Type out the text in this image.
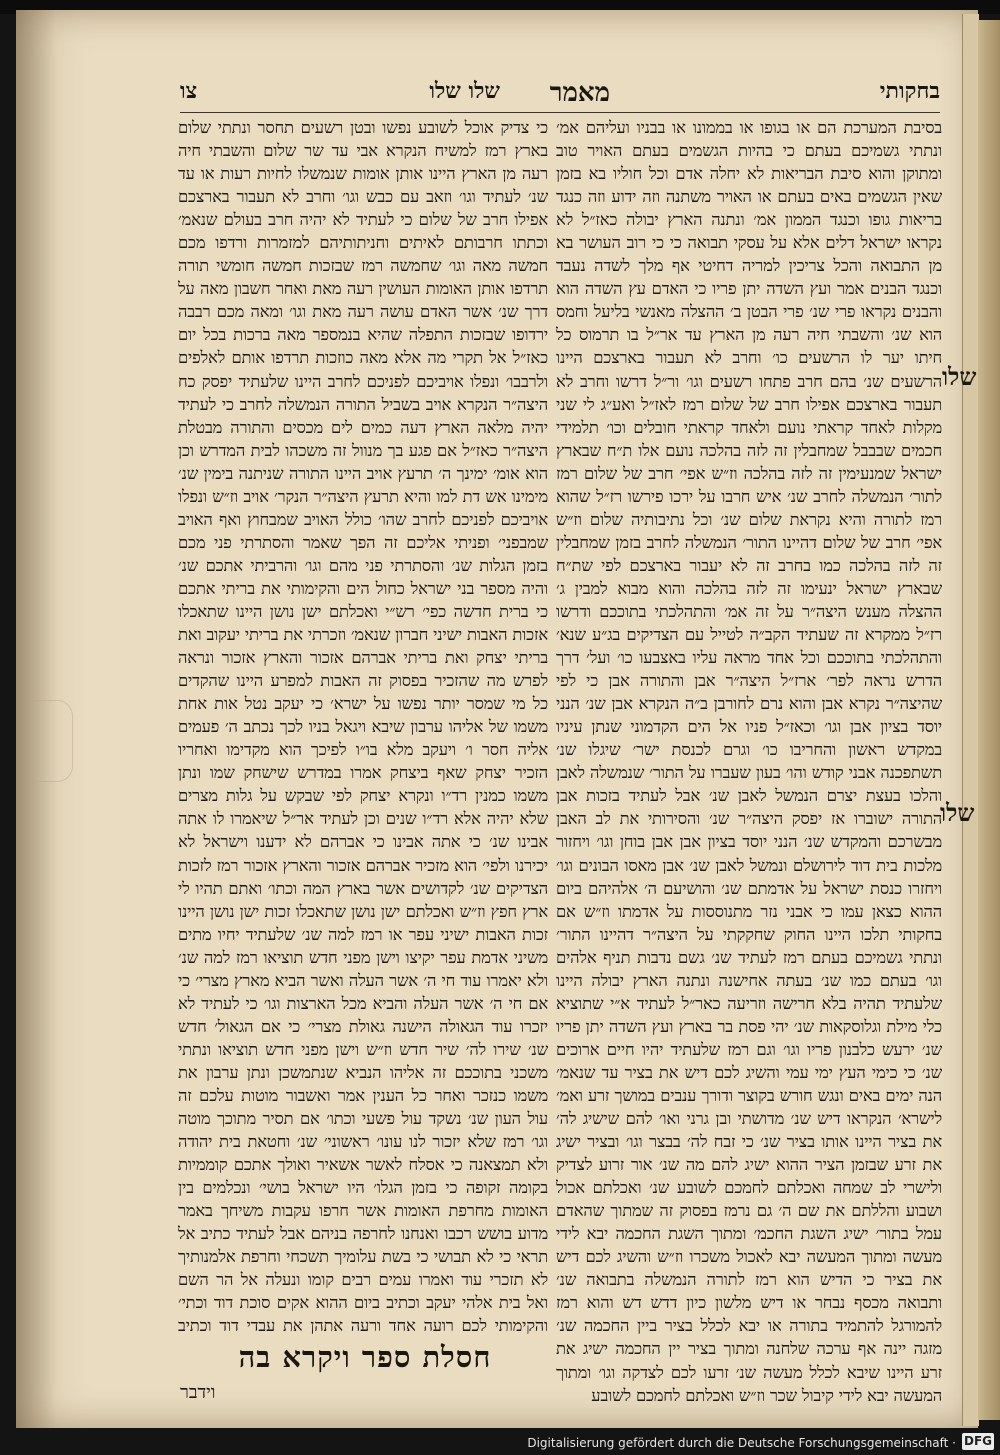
בחקותי
מאמר
שלו שלו
צו

בסיבת המערכת הם או בגופו או בממונו או בבניו ועליהם אמ׳ ונתתי גשמיכם בעתם כי בהיות הגשמים בעתם האויר טוב ומתוקן והוא סיבת הבריאות לא יחלה אדם וכל חוליו בא בזמן שאין הגשמים באים בעתם או האויר משתנה וזה ידוע וזה כנגד בריאות גופו וכנגד הממון אמ׳ ונתנה הארץ יבולה כאז״ל לא נקראו ישראל דלים אלא על עסקי תבואה כי כי רוב העושר בא מן התבואה והכל צריכין למריה דחיטי אף מלך לשדה נעבד וכנגד הבנים אמר ועץ השדה יתן פריו כי האדם עץ השדה הוא והבנים נקראו פרי שנ׳ פרי הבטן ב׳ ההצלה מאנשי בליעל וחמס הוא שנ׳ והשבתי חיה רעה מן הארץ עד אר״ל בו תרמוס כל חיתו יער לו הרשעים כו׳ וחרב לא תעבור בארצכם היינו הרשעים שנ׳ בהם חרב פתחו רשעים וגו׳ ור״ל דרשו וחרב לא תעבור בארצכם אפילו חרב של שלום רמז לאז״ל ואע״ג לי שני מקלות לאחד קראתי נועם ולאחד קראתי חובלים וכו׳ תלמידי חכמים שבבבל שמחבלין זה לזה בהלכה נועם אלו ת״ח שבארץ ישראל שמנעימין זה לזה בהלכה וז״ש אפי׳ חרב של שלום רמז לתור׳ הנמשלה לחרב שנ׳ איש חרבו על ירכו פירשו רז״ל שהוא רמז לתורה והיא נקראת שלום שנ׳ וכל נתיבותיה שלום וז״ש אפי׳ חרב של שלום דהיינו התור׳ הנמשלה לחרב בזמן שמחבלין זה לזה בהלכה כמו בחרב זה לא יעבור בארצכם לפי שת״ח שבארץ ישראל ינעימו זה לזה בהלכה והוא מבוא למבין ג׳ ההצלה מענש היצה״ר על זה אמ׳ והתהלכתי בתוככם ודרשו רז״ל ממקרא זה שעתיד הקב״ה לטייל עם הצדיקים בג״ע שנא׳ והתהלכתי בתוככם וכל אחד מראה עליו באצבעו כו׳ ועל׳ דרך הדרש נראה לפר׳ ארז״ל היצה״ר אבן והתורה אבן כי לפי שהיצה״ר נקרא אבן והוא נרם לחורבן ב״ה הנקרא אבן שנ׳ הנני יוסד בציון אבן וגו׳ וכאז״ל פניו אל הים הקדמוני שנתן עיניו במקדש ראשון והחריבו כו׳ וגרם לכנסת ישר׳ שיגלו שנ׳ תשתפכנה אבני קודש והו׳ בעון שעברו על התור׳ שנמשלה לאבן והלכו בעצת יצרם הנמשל לאבן שנ׳ אבל לעתיד בזכות אבן התורה ישוברו אז יפסק היצה״ר שנ׳ והסירותי את לב האבן מבשרכם והמקדש שנ׳ הנני יוסד בציון אבן אבן בוחן וגו׳ ויחזור מלכות בית דוד לירושלם ונמשל לאבן שנ׳ אבן מאסו הבונים וגו׳ ויחזרו כנסת ישראל על אדמתם שנ׳ והושיעם ה׳ אלהיהם ביום ההוא כצאן עמו כי אבני נזר מתנוססות על אדמתו וז״ש אם בחקותי תלכו היינו החוק שחקקתי על היצה״ר דהיינו התור׳ ונתתי גשמיכם בעתם רמז לעתיד שנ׳ גשם נדבות תניף אלהים וגו׳ בעתם כמו שנ׳ בעתה אחישנה ונתנה הארץ יבולה היינו שלעתיד תהיה בלא חרישה וזריעה כאר״ל לעתיד א״י שתוציא כלי מילת וגלוסקאות שנ׳ יהי פסת בר בארץ ועץ השדה יתן פריו שנ׳ ירעש כלבנון פריו וגו׳ וגם רמז שלעתיד יהיו חיים ארוכים שנ׳ כי כימי העץ ימי עמי והשיג לכם דיש את בציר עד שנאמ׳ הנה ימים באים ונגש חורש בקוצר ודורך ענבים במושך זרע ואמ׳ לישרא׳ הנקראו דיש שנ׳ מדושתי ובן גרני ואו׳ להם שישיג לה׳ את בציר היינו אותו בציר שנ׳ כי זבח לה׳ בבצר וגו׳ ובציר ישיג את זרע שבזמן הציר ההוא ישיג להם מה שנ׳ אור זרוע לצדיק ולישרי לב שמחה ואכלתם לחמכם לשובע שנ׳ ואכלתם אכול ושבוע והללתם את שם ה׳ גם נרמז בפסוק זה שמתוך שהאדם עמל בתור׳ ישיג השגת החכמ׳ ומתוך השגת החכמה יבא לידי מעשה ומתוך המעשה יבא לאכול משכרו וז״ש והשיג לכם דיש את בציר כי הדיש הוא רמז לתורה הנמשלה בתבואה שנ׳ ותבואה מכסף נבחר או דיש מלשון כיון דדש דש והוא רמז להמורגל להתמיד בתורה או יבא לכלל בציר ביין החכמה שנ׳ מזגה יינה אף ערכה שלחנה ומתוך בציר יין החכמה ישיג את זרע היינו שיבא לכלל מעשה שנ׳ זרעו לכם לצדקה וגו׳ ומתוך המעשה יבא לידי קיבול שכר וז״ש ואכלתם לחמכם לשובע

כי צדיק אוכל לשובע נפשו ובטן רשעים תחסר ונתתי שלום בארץ רמז למשיח הנקרא אבי עד שר שלום והשבתי חיה רעה מן הארץ היינו אותן אומות שנמשלו לחיות רעות או עד שנ׳ לעתיד וגו׳ וזאב עם כבש וגו׳ וחרב לא תעבור בארצכם אפילו חרב של שלום כי לעתיד לא יהיה חרב בעולם שנאמ׳ וכתתו חרבותם לאיתים וחניתותיהם למזמרות ורדפו מכם חמשה מאה וגו׳ שחמשה רמז שבזכות חמשה חומשי תורה תרדפו אותן האומות העושין רעה מאת ואחר חשבון מאה על דרך שנ׳ אשר האדם עושה רעה מאת וגו׳ ומאה מכם רבבה ירדופו שבזכות התפלה שהיא בנמספר מאה ברכות בכל יום כאז״ל אל תקרי מה אלא מאה כוזכות תרדפו אותם לאלפים ולרבבו׳ ונפלו אויביכם לפניכם לחרב היינו שלעתיד יפסק כח היצה״ר הנקרא אויב בשביל התורה הנמשלה לחרב כי לעתיד יהיה מלאה הארץ דעה כמים לים מכסים והתורה מבטלת היצה״ר כאז״ל אם פגע בך מנוול זה משכהו לבית המדרש וכן הוא אומ׳ ימינך ה׳ תרעץ אויב היינו התורה שניתנה בימין שנ׳ מימינו אש דת למו והיא תרעץ היצה״ר הנקר׳ אויב וז״ש ונפלו אויביכם לפניכם לחרב שהו׳ כולל האויב שמבחוץ ואף האויב שמבפני׳ ופניתי אליכם זה הפך שאמר והסתרתי פני מכם בזמן הגלות שנ׳ והסתרתי פני מהם וגו׳ והרביתי אתכם שנ׳ והיה מספר בני ישראל כחול הים והקימותי את בריתי אתכם כי ברית חדשה כפי׳ רש״י ואכלתם ישן נושן היינו שתאכלו אזכות האבות ישיני חברון שנאמ׳ וזכרתי את בריתי יעקוב ואת בריתי יצחק ואת בריתי אברהם אזכור והארץ אזכור ונראה לפרש מה שהזכיר בפסוק זה האבות למפרע היינו שהקדים כל מי שמסר יותר נפשו על ישרא׳ כי יעקב נטל אות אחת משמו של אליהו ערבון שיבא ויגאל בניו לכך נכתב ה׳ פעמים אליה חסר ו׳ ויעקב מלא בו״ו לפיכך הוא מקדימו ואחריו הזכיר יצחק שאף ביצחק אמרו במדרש שישחק שמו ונתן משמו כמנין רד״ו ונקרא יצחק לפי שבקש על גלות מצרים שלא יהיה אלא רד״ו שנים וכן לעתיד אר״ל שיאמרו לו אתה אבינו שנ׳ כי אתה אבינו כי אברהם לא ידענו וישראל לא יכירנו ולפי׳ הוא מזכיר אברהם אזכור והארץ אזכור רמז לזכות הצדיקים שנ׳ לקדושים אשר בארץ המה וכתו׳ ואתם תהיו לי ארץ חפץ וז״ש ואכלתם ישן נושן שתאכלו זכות ישן נושן היינו זכות האבות ישיני עפר או רמז למה שנ׳ שלעתיד יחיו מתים משיני אדמת עפר יקיצו וישן מפני חדש תוציאו רמז למה שנ׳ ולא יאמרו עוד חי ה׳ אשר העלה ואשר הביא מארץ מצרי׳ כי אם חי ה׳ אשר העלה והביא מכל הארצות וגו׳ כי לעתיד לא יזכרו עוד הגאולה הישנה גאולת מצרי׳ כי אם הגאול׳ חדש שנ׳ שירו לה׳ שיר חדש וז״ש וישן מפני חדש תוציאו ונתתי משכני בתוככם זה אליהו הנביא שנתמשכן ונתן ערבון את משמו כנזכר ואחר כל הענין אמר ואשבור מוטות עלכם זה עול העון שנ׳ נשקד עול פשעי וכתו׳ אם תסיר מתוכך מוטה וגו׳ רמז שלא יזכור לנו עונו׳ ראשוני׳ שנ׳ וחטאת בית יהודה ולא תמצאנה כי אסלח לאשר אשאיר ואולך אתכם קוממיות בקומה זקופה כי בזמן הגלו׳ היו ישראל בושי׳ ונכלמים בין האומות מחרפת האומות אשר חרפו עקבות משיחך באמר מדוע בושש רכבו ואנחנו לחרפה בניהם אבל לעתיד כתיב אל תראי כי לא תבושי כי בשת עלומיך תשכחי וחרפת אלמנותיך לא תזכרי עוד ואמרו עמים רבים קומו ונעלה אל הר השם ואל בית אלהי יעקב וכתיב ביום ההוא אקים סוכת דוד וכתי׳ והקימותי לכם רועה אחד ורעה אתהן את עבדי דוד וכתיב

שלו
שלו
חסלת ספר ויקרא בה
וידבר
Digitalisierung gefördert durch die Deutsche Forschungsgemeinschaft · DFG
